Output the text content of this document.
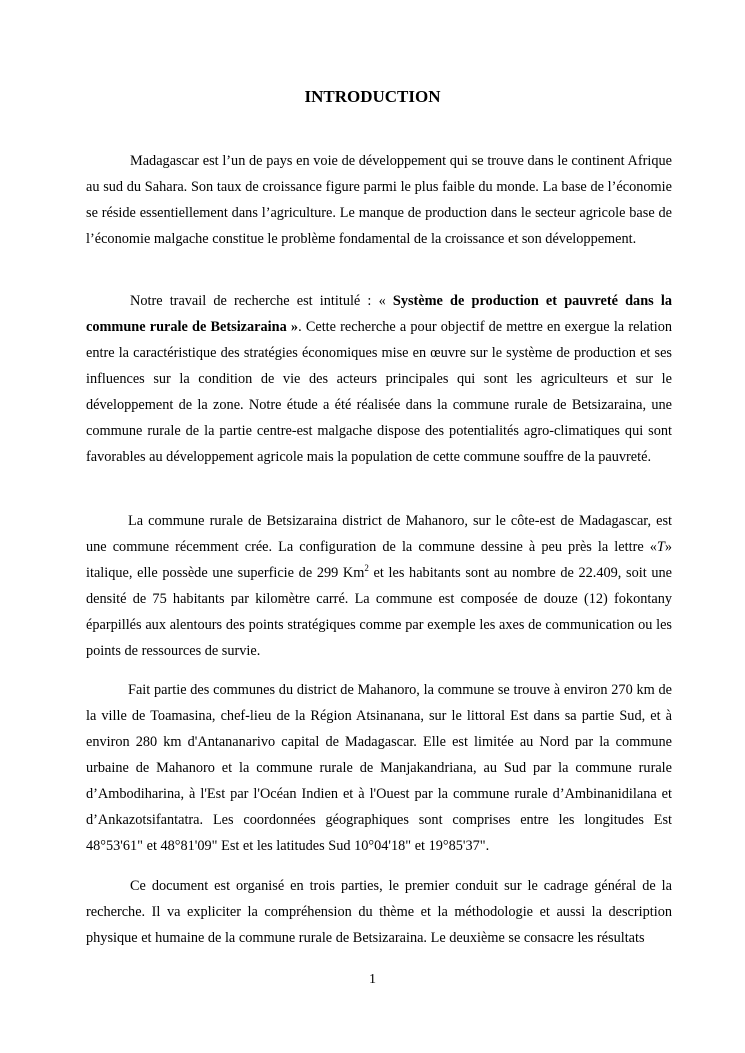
INTRODUCTION

Madagascar est l’un de pays en voie de développement qui se trouve dans le continent Afrique au sud du Sahara. Son taux de croissance figure parmi le plus faible du monde. La base de l’économie se réside essentiellement dans l’agriculture. Le manque de production dans le secteur agricole base de l’économie malgache constitue le problème fondamental de la croissance et son développement.

Notre travail de recherche est intitulé : « Système de production et pauvreté dans la commune rurale de Betsizaraina ». Cette recherche a pour objectif de mettre en exergue la relation entre la caractéristique des stratégies économiques mise en œuvre sur le système de production et ses influences sur la condition de vie des acteurs principales qui sont les agriculteurs et sur le développement de la zone. Notre étude a été réalisée dans la commune rurale de Betsizaraina, une commune rurale de la partie centre-est malgache dispose des potentialités agro-climatiques qui sont favorables au développement agricole mais la population de cette commune souffre de la pauvreté.

La commune rurale de Betsizaraina district de Mahanoro, sur le côte-est de Madagascar, est une commune récemment crée. La configuration de la commune dessine à peu près la lettre «T» italique, elle possède une superficie de 299 Km$^2$ et les habitants sont au nombre de 22.409, soit une densité de 75 habitants par kilomètre carré. La commune est composée de douze (12) fokontany éparpillés aux alentours des points stratégiques comme par exemple les axes de communication ou les points de ressources de survie.

Fait partie des communes du district de Mahanoro, la commune se trouve à environ 270 km de la ville de Toamasina, chef-lieu de la Région Atsinanana, sur le littoral Est dans sa partie Sud, et à environ 280 km d'Antananarivo capital de Madagascar. Elle est limitée au Nord par la commune urbaine de Mahanoro et la commune rurale de Manjakandriana, au Sud par la commune rurale d’Ambodiharina, à l'Est par l'Océan Indien et à l'Ouest par la commune rurale d’Ambinanidilana et d’Ankazotsifantatra. Les coordonnées géographiques sont comprises entre les longitudes Est 48°53'61" et 48°81'09" Est et les latitudes Sud 10°04'18" et 19°85'37".

Ce document est organisé en trois parties, le premier conduit sur le cadrage général de la recherche. Il va expliciter la compréhension du thème et la méthodologie et aussi la description physique et humaine de la commune rurale de Betsizaraina. Le deuxième se consacre les résultats

1
